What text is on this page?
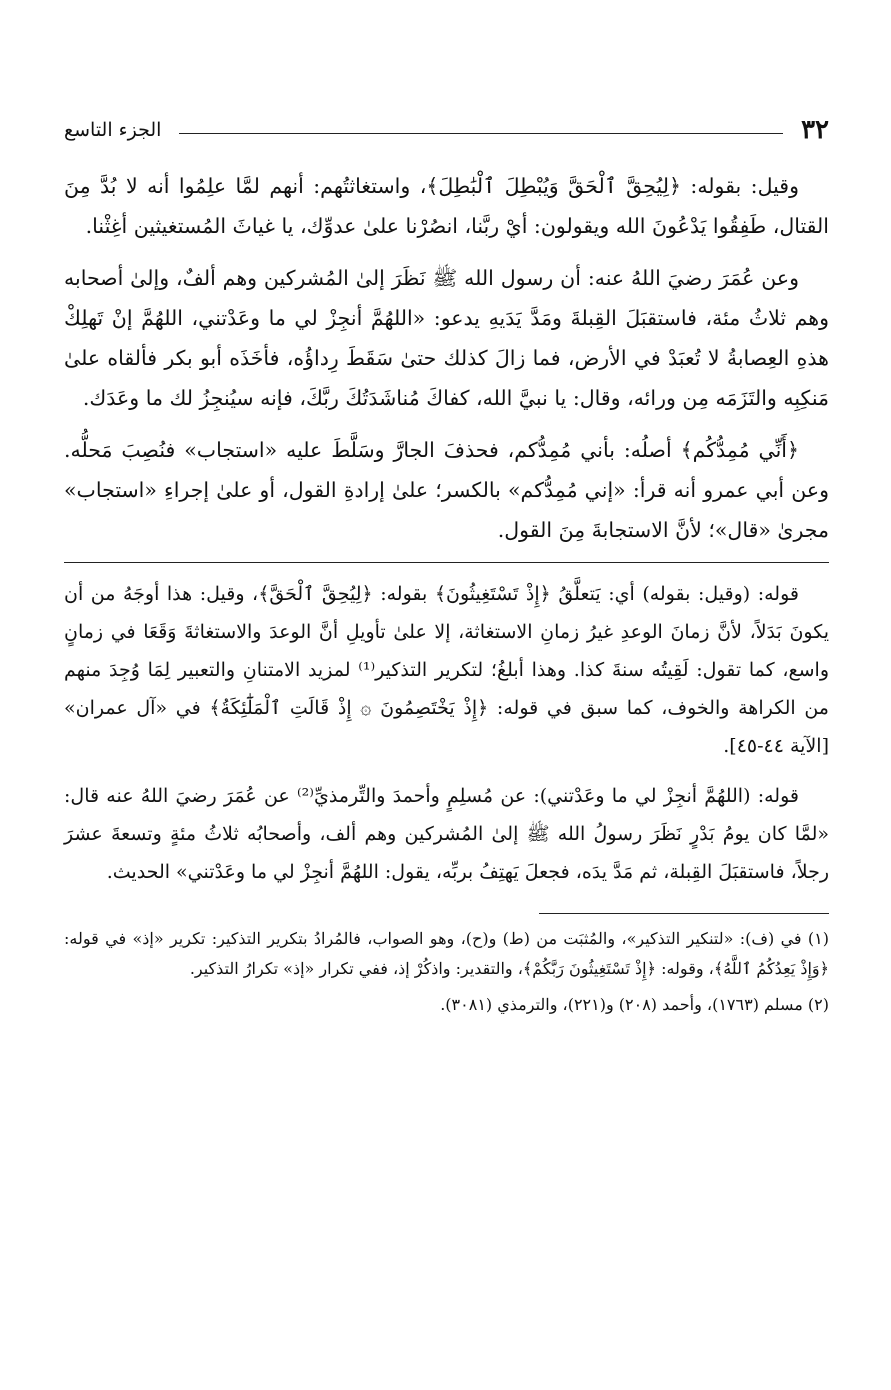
٣٢
الجزء التاسع

وقيل: بقوله: ﴿لِيُحِقَّ ٱلْحَقَّ وَيُبْطِلَ ٱلْبَٰطِلَ﴾، واستغاثتُهم: أنهم لمَّا علِمُوا أنه لا بُدَّ مِنَ القتال، طَفِقُوا يَدْعُونَ الله ويقولون: أيْ ربَّنا، انصُرْنا علىٰ عدوِّك، يا غياثَ المُستغيثين أغِثْنا.

وعن عُمَرَ رضيَ اللهُ عنه: أن رسول الله ﷺ نَظَرَ إلىٰ المُشركين وهم ألفٌ، وإلىٰ أصحابه وهم ثلاثُ مئة، فاستقبَلَ القِبلةَ ومَدَّ يَدَيهِ يدعو: «اللهُمَّ أنجِزْ لي ما وعَدْتني، اللهُمَّ إنْ تَهلِكْ هذهِ العِصابةُ لا تُعبَدْ في الأرض، فما زالَ كذلك حتىٰ سَقَطَ رِداؤُه، فأخَذَه أبو بكر فألقاه علىٰ مَنكِبِه والتَزَمَه مِن ورائه، وقال: يا نبيَّ الله، كفاكَ مُناشَدَتُكَ ربَّكَ، فإنه سيُنجِزُ لك ما وعَدَك.

﴿أَنِّي مُمِدُّكُم﴾ أصلُه: بأني مُمِدُّكم، فحذفَ الجارَّ وسَلَّطَ عليه «استجاب» فنُصِبَ مَحلُّه. وعن أبي عمرو أنه قرأ: «إني مُمِدُّكم» بالكسر؛ علىٰ إرادةِ القول، أو علىٰ إجراءِ «استجاب» مجرىٰ «قال»؛ لأنَّ الاستجابةَ مِنَ القول.

قوله: (وقيل: بقوله) أي: يَتعلَّقُ ﴿إِذْ تَسْتَغِيثُونَ﴾ بقوله: ﴿لِيُحِقَّ ٱلْحَقَّ﴾، وقيل: هذا أوجَهُ من أن يكونَ بَدَلاً، لأنَّ زمانَ الوعدِ غيرُ زمانِ الاستغاثة، إلا علىٰ تأويلِ أنَّ الوعدَ والاستغاثةَ وَقَعَا في زمانٍ واسع، كما تقول: لَقِيتُه سنةَ كذا. وهذا أبلغُ؛ لتكرير التذكير⁽¹⁾ لمزيد الامتنانِ والتعبير لِمَا وُجِدَ منهم من الكراهة والخوف، كما سبق في قوله: ﴿إِذْ يَخْتَصِمُونَ ۞ إِذْ قَالَتِ ٱلْمَلَٰٓئِكَةُ﴾ في «آل عمران» [الآية ٤٤-٤٥].

قوله: (اللهُمَّ أنجِزْ لي ما وعَدْتني): عن مُسلِمٍ وأحمدَ والتِّرمذيِّ⁽²⁾ عن عُمَرَ رضيَ اللهُ عنه قال: «لمَّا كان يومُ بَدْرٍ نَظَرَ رسولُ الله ﷺ إلىٰ المُشركين وهم ألف، وأصحابُه ثلاثُ مئةٍ وتسعةَ عشرَ رجلاً، فاستقبَلَ القِبلة، ثم مَدَّ يدَه، فجعلَ يَهتِفُ بربِّه، يقول: اللهُمَّ أنجِزْ لي ما وعَدْتني» الحديث.

(١) في (ف): «لتنكير التذكير»، والمُثبَت من (ط) و(ح)، وهو الصواب، فالمُرادُ بتكرير التذكير: تكرير «إذ» في قوله: ﴿وَإِذْ يَعِدُكُمُ ٱللَّهُ﴾، وقوله: ﴿إِذْ تَسْتَغِيثُونَ رَبَّكُمْ﴾، والتقدير: واذكُرْ إذ، ففي تكرار «إذ» تكرارُ التذكير.

(٢) مسلم (١٧٦٣)، وأحمد (٢٠٨) و(٢٢١)، والترمذي (٣٠٨١).
